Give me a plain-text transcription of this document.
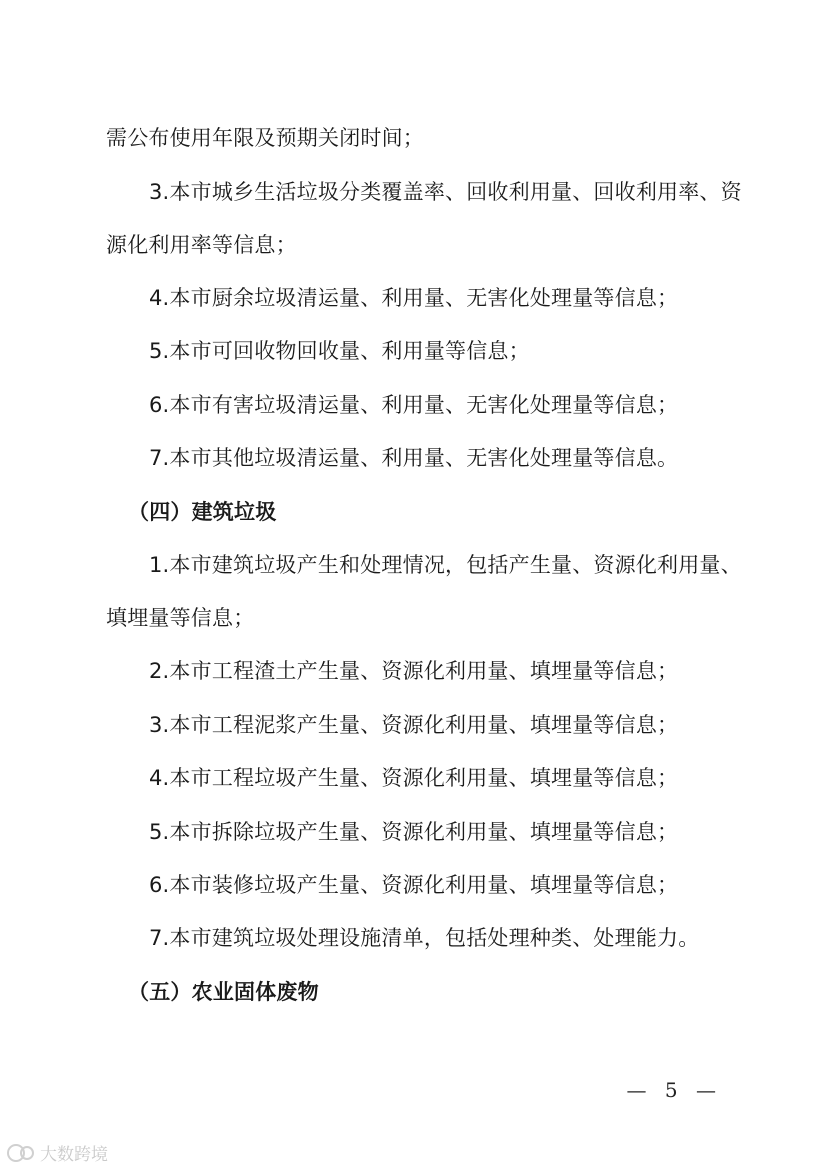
需公布使用年限及预期关闭时间；
3.本市城乡生活垃圾分类覆盖率、回收利用量、回收利用率、资
源化利用率等信息；
4.本市厨余垃圾清运量、利用量、无害化处理量等信息；
5.本市可回收物回收量、利用量等信息；
6.本市有害垃圾清运量、利用量、无害化处理量等信息；
7.本市其他垃圾清运量、利用量、无害化处理量等信息。
（四）建筑垃圾
1.本市建筑垃圾产生和处理情况，包括产生量、资源化利用量、
填埋量等信息；
2.本市工程渣土产生量、资源化利用量、填埋量等信息；
3.本市工程泥浆产生量、资源化利用量、填埋量等信息；
4.本市工程垃圾产生量、资源化利用量、填埋量等信息；
5.本市拆除垃圾产生量、资源化利用量、填埋量等信息；
6.本市装修垃圾产生量、资源化利用量、填埋量等信息；
7.本市建筑垃圾处理设施清单，包括处理种类、处理能力。
（五）农业固体废物
— 5 —
大数跨境
